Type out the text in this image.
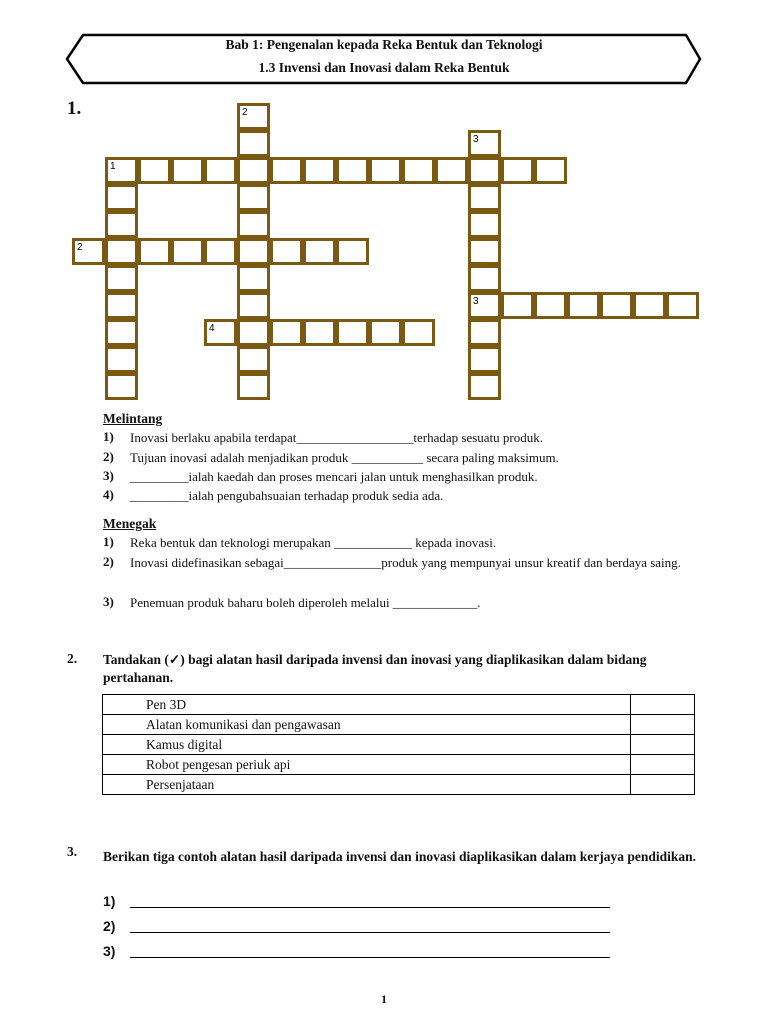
Bab 1: Pengenalan kepada Reka Bentuk dan Teknologi
1.3 Invensi dan Inovasi dalam Reka Bentuk
1.
1
2
2
4
3
3
Melintang
1) Inovasi berlaku apabila terdapat__________________terhadap sesuatu produk.
2) Tujuan inovasi adalah menjadikan produk ___________ secara paling maksimum.
3) _________ialah kaedah dan proses mencari jalan untuk menghasilkan produk.
4) _________ialah pengubahsuaian terhadap produk sedia ada.
Menegak
1) Reka bentuk dan teknologi merupakan ____________ kepada inovasi.
2) Inovasi didefinasikan sebagai_______________produk yang mempunyai unsur kreatif dan berdaya saing.
3) Penemuan produk baharu boleh diperoleh melalui _____________.
2. Tandakan (✓) bagi alatan hasil daripada invensi dan inovasi yang diaplikasikan dalam bidang pertahanan.
Pen 3D	
Alatan komunikasi dan pengawasan	
Kamus digital	
Robot pengesan periuk api	
Persenjataan	
3. Berikan tiga contoh alatan hasil daripada invensi dan inovasi diaplikasikan dalam kerjaya pendidikan.
1)
2)
3)
1
